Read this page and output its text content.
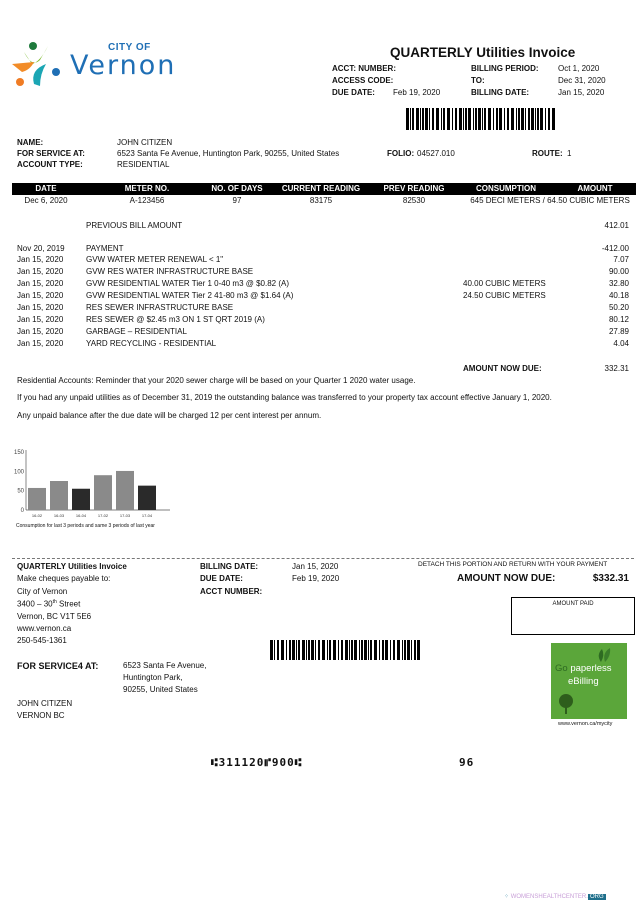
CITY OF
Vernon	QUARTERLY Utilities Invoice
ACCT: NUMBER:
ACCESS CODE:
DUE DATE: Feb 19, 2020
BILLING PERIOD: Oct 1, 2020
TO:	Dec 31, 2020
BILLING DATE:	Jan 15, 2020
NAME:	JOHN CITIZEN
FOR SERVICE AT:	6523 Santa Fe Avenue, Huntington Park, 90255, United States	FOLIO: 04527.010	ROUTE: 1
ACCOUNT TYPE:	RESIDENTIAL
DATE	METER NO.	NO. OF DAYS	CURRENT READING	PREV READING	CONSUMPTION	AMOUNT
Dec 6, 2020	A-123456	97	83175	82530	645 DECI METERS / 64.50 CUBIC METERS
PREVIOUS BILL AMOUNT	412.01
Nov 20, 2019	PAYMENT	-412.00
Jan 15, 2020	GVW WATER METER RENEWAL < 1"	7.07
Jan 15, 2020	GVW RES WATER INFRASTRUCTURE BASE	90.00
Jan 15, 2020	GVW RESIDENTIAL WATER Tier 1 0-40 m3 @ $0.82 (A)	40.00 CUBIC METERS	32.80
Jan 15, 2020	GVW RESIDENTIAL WATER Tier 2 41-80 m3 @ $1.64 (A)	24.50 CUBIC METERS	40.18
Jan 15, 2020	RES SEWER INFRASTRUCTURE BASE	50.20
Jan 15, 2020	RES SEWER @ $2.45 m3 ON 1 ST QRT 2019 (A)	80.12
Jan 15, 2020	GARBAGE – RESIDENTIAL	27.89
Jan 15, 2020	YARD RECYCLING - RESIDENTIAL	4.04
AMOUNT NOW DUE:	332.31
Residential Accounts: Reminder that your 2020 sewer charge will be based on your Quarter 1 2020 water usage.
If you had any unpaid utilities as of December 31, 2019 the outstanding balance was transferred to your property tax account effective January 1, 2020.
Any unpaid balance after the due date will be charged 12 per cent interest per annum.
0
50
100
150
16-02	16-03	16-04	17-02	17-03	17-04
Consumption for last 3 periods and same 3 periods of last year
QUARTERLY Utilities Invoice
Make cheques payable to:
City of Vernon
3400 – 30th Street
Vernon, BC V1T 5E6
www.vernon.ca
250-545-1361
BILLING DATE:	Jan 15, 2020
DUE DATE:	Feb 19, 2020
ACCT NUMBER:
DETACH THIS PORTION AND RETURN WITH YOUR PAYMENT
AMOUNT NOW DUE:	$332.31
AMOUNT PAID
FOR SERVICE4 AT:	6523 Santa Fe Avenue,
Huntington Park,
90255, United States
JOHN CITIZEN
VERNON BC
Go paperless
eBilling
www.vernon.ca/mycity
⑆311120⑈900⑆	96
⁘ WOMENSHEALTHCENTER. ORG
